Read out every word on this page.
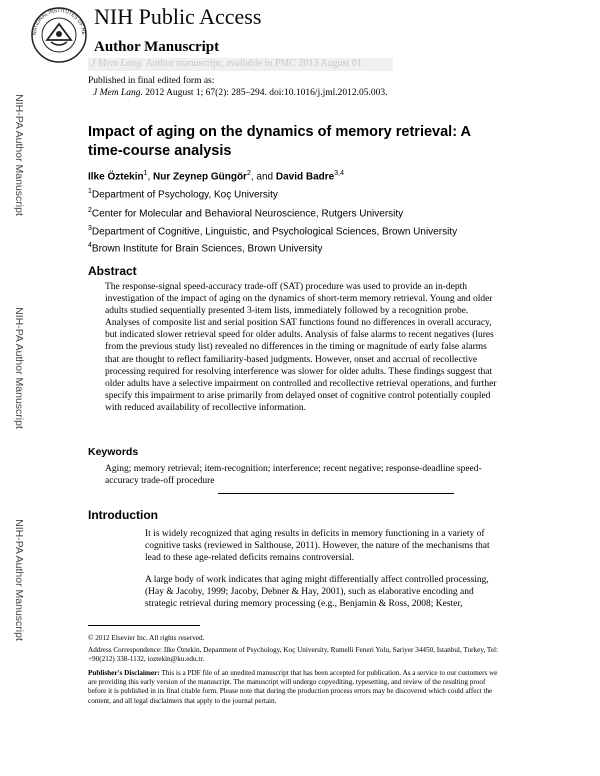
NATIONAL INSTITUTES OF HE
NIH Public Access
Author Manuscript
J Mem Lang. Author manuscript; available in PMC 2013 August 01.
Published in final edited form as:
J Mem Lang. 2012 August 1; 67(2): 285–294. doi:10.1016/j.jml.2012.05.003.
NIH-PA Author Manuscript
NIH-PA Author Manuscript
NIH-PA Author Manuscript
Impact of aging on the dynamics of memory retrieval: A time-course analysis
Ilke Öztekin$^1$, Nur Zeynep Güngör$^2$, and David Badre$^{3,4}$
$^1$Department of Psychology, Koç University
$^2$Center for Molecular and Behavioral Neuroscience, Rutgers University
$^3$Department of Cognitive, Linguistic, and Psychological Sciences, Brown University
$^4$Brown Institute for Brain Sciences, Brown University
Abstract
The response-signal speed-accuracy trade-off (SAT) procedure was used to provide an in-depth investigation of the impact of aging on the dynamics of short-term memory retrieval. Young and older adults studied sequentially presented 3-item lists, immediately followed by a recognition probe. Analyses of composite list and serial position SAT functions found no differences in overall accuracy, but indicated slower retrieval speed for older adults. Analysis of false alarms to recent negatives (lures from the previous study list) revealed no differences in the timing or magnitude of early false alarms that are thought to reflect familiarity-based judgments. However, onset and accrual of recollective processing required for resolving interference was slower for older adults. These findings suggest that older adults have a selective impairment on controlled and recollective retrieval operations, and further specify this impairment to arise primarily from delayed onset of cognitive control potentially coupled with reduced availability of recollective information.
Keywords
Aging; memory retrieval; item-recognition; interference; recent negative; response-deadline speed-accuracy trade-off procedure
Introduction
It is widely recognized that aging results in deficits in memory functioning in a variety of cognitive tasks (reviewed in Salthouse, 2011). However, the nature of the mechanisms that lead to these age-related deficits remains controversial.
A large body of work indicates that aging might differentially affect controlled processing, (Hay & Jacoby, 1999; Jacoby, Debner & Hay, 2001), such as elaborative encoding and strategic retrieval during memory processing (e.g., Benjamin & Ross, 2008; Kester,
© 2012 Elsevier Inc. All rights reserved.
Address Correspondence: Ilke Öztekin, Department of Psychology, Koç University, Rumelli Feneri Yolu, Sariyer 34450, Istanbul, Turkey, Tel: +90(212) 338-1132, ioztekin@ku.edu.tr.
Publisher's Disclaimer: This is a PDF file of an unedited manuscript that has been accepted for publication. As a service to our customers we are providing this early version of the manuscript. The manuscript will undergo copyediting, typesetting, and review of the resulting proof before it is published in its final citable form. Please note that during the production process errors may be discovered which could affect the content, and all legal disclaimers that apply to the journal pertain.
